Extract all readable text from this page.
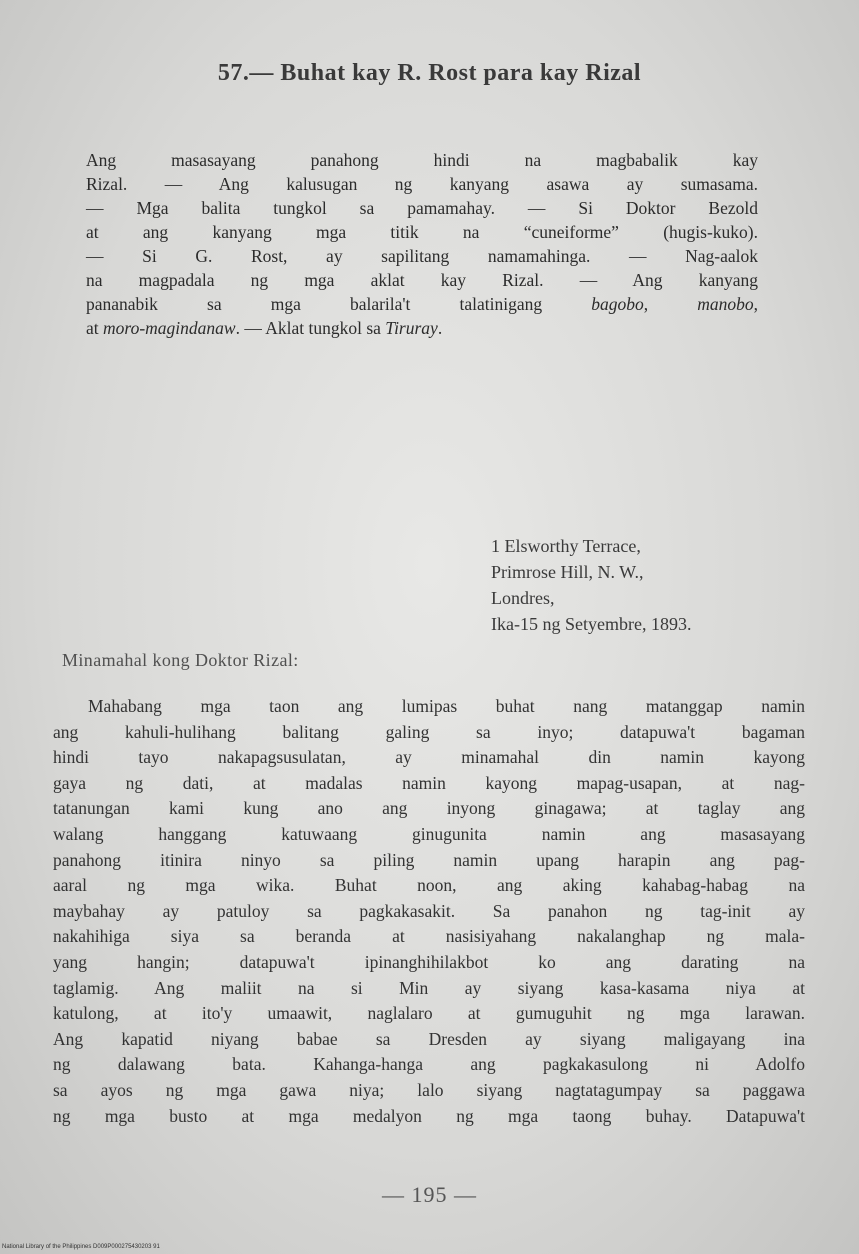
57.— Buhat kay R. Rost para kay Rizal
Ang masasayang panahong hindi na magbabalik kay
Rizal. — Ang kalusugan ng kanyang asawa ay sumasama.
— Mga balita tungkol sa pamamahay. — Si Doktor Bezold
at ang kanyang mga titik na “cuneiforme” (hugis-kuko).
— Si G. Rost, ay sapilitang namamahinga. — Nag-aalok
na magpadala ng mga aklat kay Rizal. — Ang kanyang
pananabik sa mga balarila't talatinigang bagobo, manobo,
at moro-magindanaw. — Aklat tungkol sa Tiruray.
1 Elsworthy Terrace,
Primrose Hill, N. W.,
Londres,
Ika-15 ng Setyembre, 1893.
Minamahal kong Doktor Rizal:
Mahabang mga taon ang lumipas buhat nang matanggap namin
ang kahuli-hulihang balitang galing sa inyo; datapuwa't bagaman
hindi tayo nakapagsusulatan, ay minamahal din namin kayong
gaya ng dati, at madalas namin kayong mapag-usapan, at nag-
tatanungan kami kung ano ang inyong ginagawa; at taglay ang
walang hanggang katuwaang ginugunita namin ang masasayang
panahong itinira ninyo sa piling namin upang harapin ang pag-
aaral ng mga wika. Buhat noon, ang aking kahabag-habag na
maybahay ay patuloy sa pagkakasakit. Sa panahon ng tag-init ay
nakahihiga siya sa beranda at nasisiyahang nakalanghap ng mala-
yang hangin; datapuwa't ipinanghihilakbot ko ang darating na
taglamig. Ang maliit na si Min ay siyang kasa-kasama niya at
katulong, at ito'y umaawit, naglalaro at gumuguhit ng mga larawan.
Ang kapatid niyang babae sa Dresden ay siyang maligayang ina
ng dalawang bata. Kahanga-hanga ang pagkakasulong ni Adolfo
sa ayos ng mga gawa niya; lalo siyang nagtatagumpay sa paggawa
ng mga busto at mga medalyon ng mga taong buhay. Datapuwa't
— 195 —
National Library of the Philippines D009P000275430203 91
